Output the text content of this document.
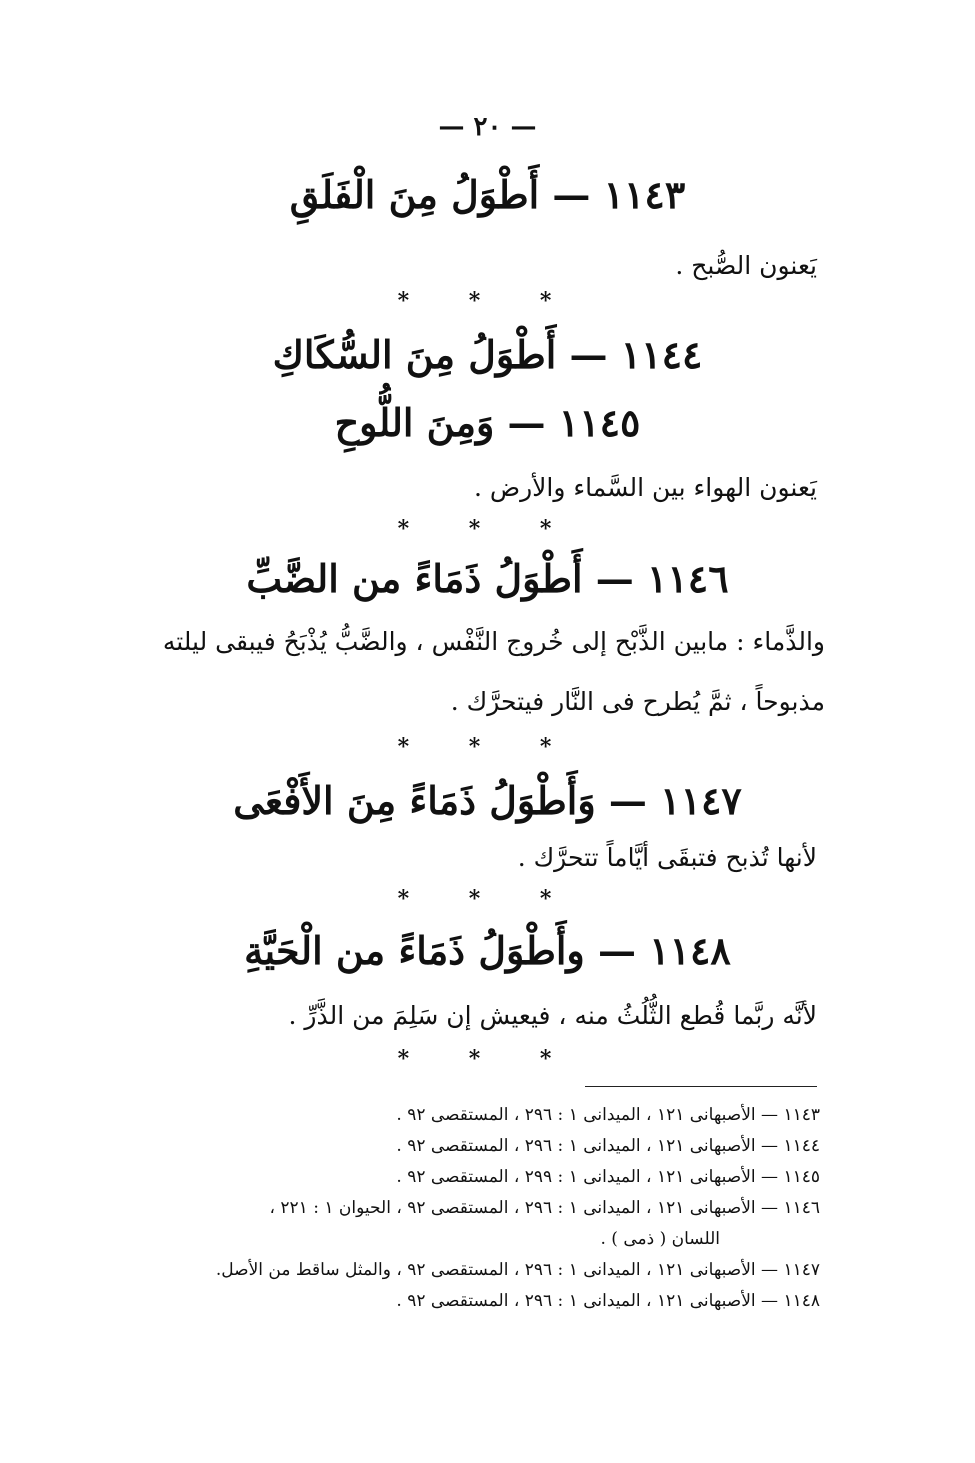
— ٢٠ —
١١٤٣ — أَطْوَلُ مِنَ الْفَلَقِ
يَعنون الصُّبح .
* * *
١١٤٤ — أَطْوَلُ مِنَ السُّكَاكِ
١١٤٥ — وَمِنَ اللُّوحِ
يَعنون الهواء بين السَّماء والأرض .
* * *
١١٤٦ — أَطْوَلُ ذَمَاءً من الضَّبِّ
والذَّماء : مابين الذَّبْح إلى خُروج النَّفْس ، والضَّبُّ يُذْبَحُ فيبقى ليلته
مذبوحاً ، ثمَّ يُطرح فى النَّار فيتحرَّك .
* * *
١١٤٧ — وَأَطْوَلُ ذَمَاءً مِنَ الأَفْعَى
لأنها تُذبح فتبقَى أيَّاماً تتحرَّك .
* * *
١١٤٨ — وأَطْوَلُ ذَمَاءً من الْحَيَّةِ
لأنَّه ربَّما قُطع الثُّلُثُ منه ، فيعيش إن سَلِمَ من الذَّرِّ .
* * *
١١٤٣ — الأصبهانى ١٢١ ، الميدانى ١ : ٢٩٦ ، المستقصى ٩٢ .
١١٤٤ — الأصبهانى ١٢١ ، الميدانى ١ : ٢٩٦ ، المستقصى ٩٢ .
١١٤٥ — الأصبهانى ١٢١ ، الميدانى ١ : ٢٩٩ ، المستقصى ٩٢ .
١١٤٦ — الأصبهانى ١٢١ ، الميدانى ١ : ٢٩٦ ، المستقصى ٩٢ ، الحيوان ١ : ٢٢١ ،
اللسان ( ذمى ) .
١١٤٧ — الأصبهانى ١٢١ ، الميدانى ١ : ٢٩٦ ، المستقصى ٩٢ ، والمثل ساقط من الأصل.
١١٤٨ — الأصبهانى ١٢١ ، الميدانى ١ : ٢٩٦ ، المستقصى ٩٢ .
